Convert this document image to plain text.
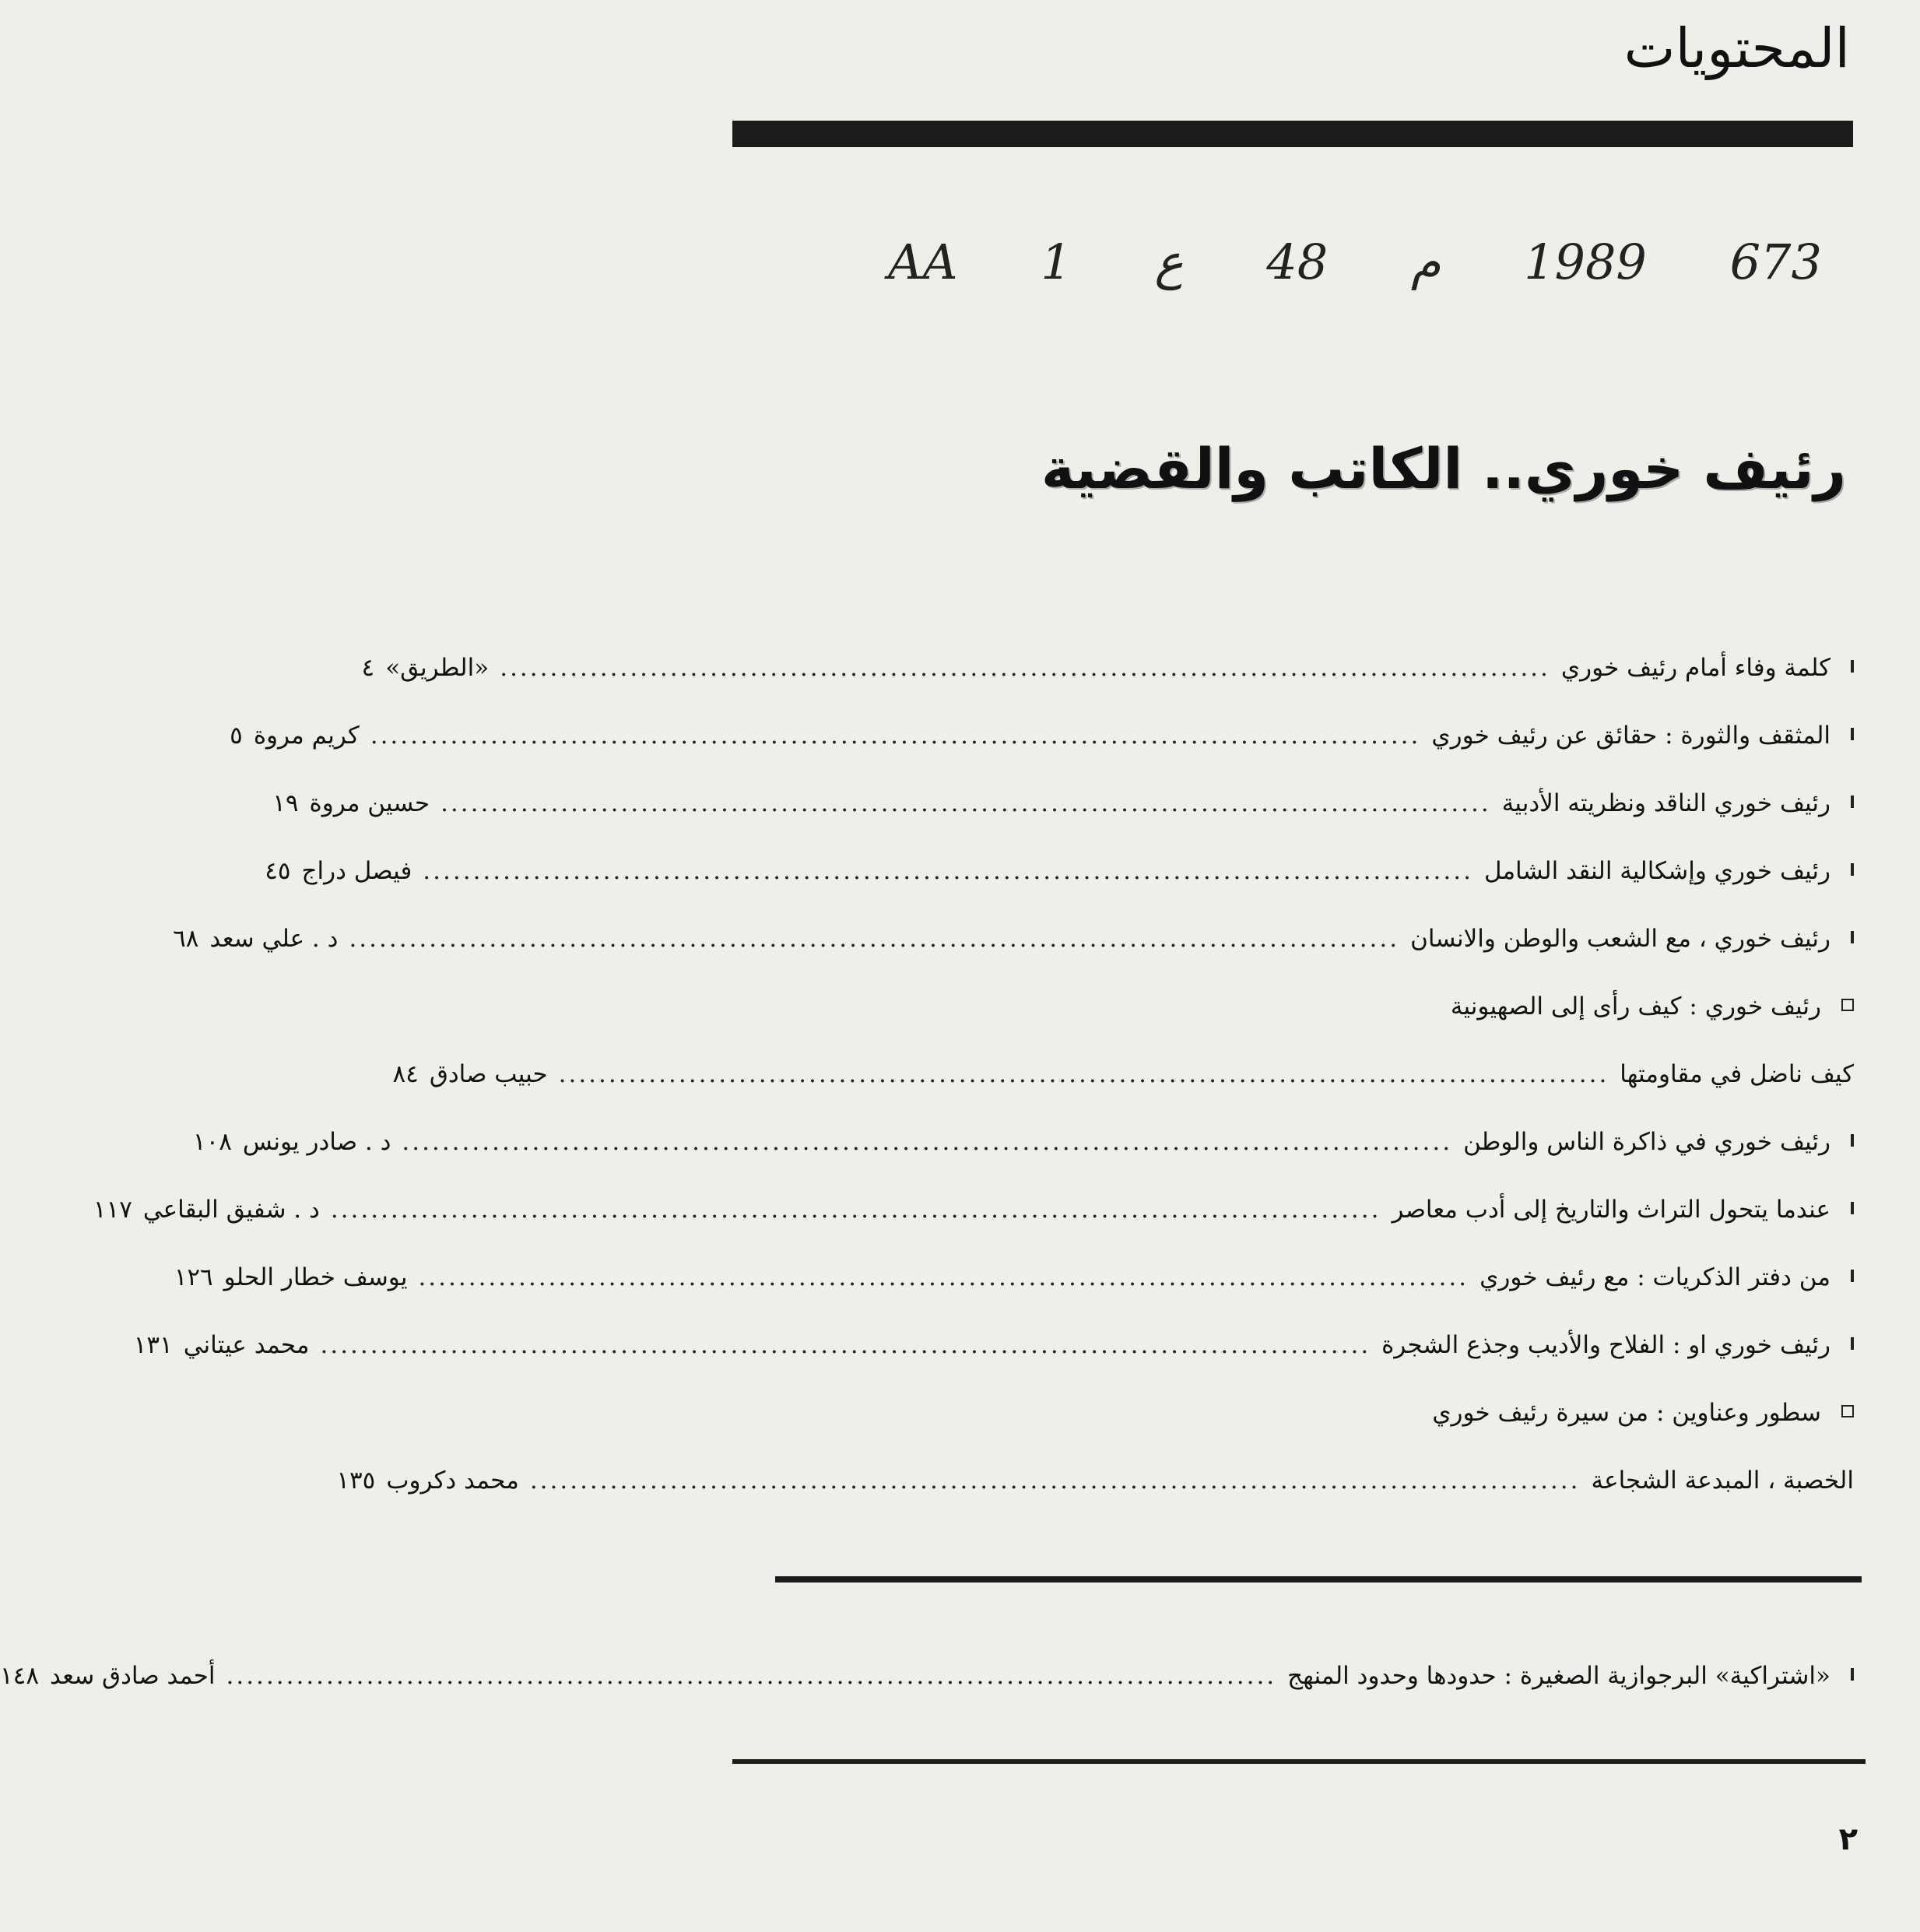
المحتويات
673
1989
م
48
ع
1
AA
رئيف خوري.. الكاتب والقضية
كلمة وفاء أمام رئيف خوري
.........................................................................................................
«الطريق»
٤
المثقف والثورة : حقائق عن رئيف خوري
.........................................................................................................
كريم مروة
٥
رئيف خوري الناقد ونظريته الأدبية
.........................................................................................................
حسين مروة
١٩
رئيف خوري وإشكالية النقد الشامل
.........................................................................................................
فيصل دراج
٤٥
رئيف خوري ، مع الشعب والوطن والانسان
.........................................................................................................
د . علي سعد
٦٨
رئيف خوري : كيف رأى إلى الصهيونية
كيف ناضل في مقاومتها
.........................................................................................................
حبيب صادق
٨٤
رئيف خوري في ذاكرة الناس والوطن
.........................................................................................................
د . صادر يونس
١٠٨
عندما يتحول التراث والتاريخ إلى أدب معاصر
.........................................................................................................
د . شفيق البقاعي
١١٧
من دفتر الذكريات : مع رئيف خوري
.........................................................................................................
يوسف خطار الحلو
١٢٦
رئيف خوري او : الفلاح والأديب وجذع الشجرة
.........................................................................................................
محمد عيتاني
١٣١
سطور وعناوين : من سيرة رئيف خوري
الخصبة ، المبدعة الشجاعة
.........................................................................................................
محمد دكروب
١٣٥
«اشتراكية» البرجوازية الصغيرة : حدودها وحدود المنهج
.........................................................................................................
أحمد صادق سعد
١٤٨
٢
